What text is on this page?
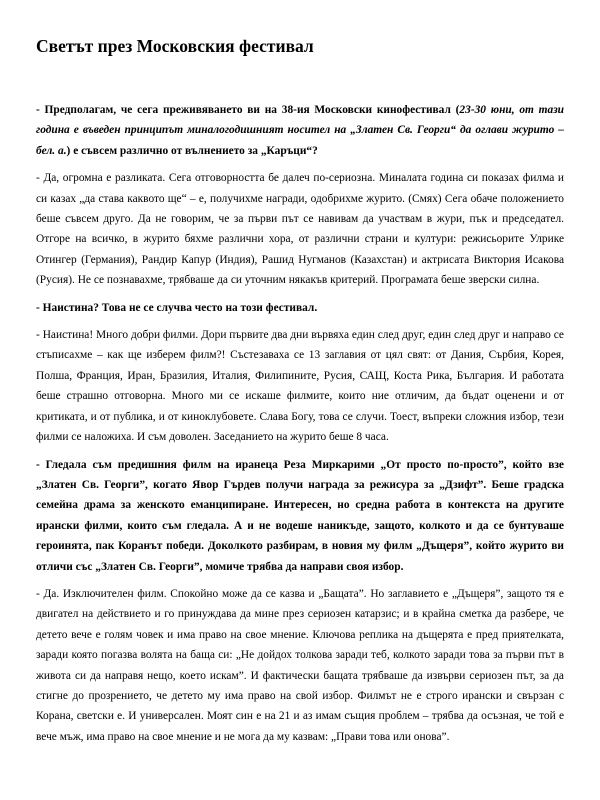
Светът през Московския фестивал

- Предполагам, че сега преживяването ви на 38-ия Московски кинофестивал (23-30 юни, от тази година е въведен принципът миналогодишният носител на „Златен Св. Георги“ да оглави журито – бел. а.) е съвсем различно от вълнението за „Каръци“?

- Да, огромна е разликата. Сега отговорността бе далеч по-сериозна. Миналата година си показах филма и си казах „да става каквото ще“ – е, получихме награди, одобрихме журито. (Смях) Сега обаче положението беше съвсем друго. Да не говорим, че за първи път се навивам да участвам в жури, пък и председател. Отгоре на всичко, в журито бяхме различни хора, от различни страни и култури: режисьорите Улрике Отингер (Германия), Рандир Капур (Индия), Рашид Нугманов (Казахстан) и актрисата Виктория Исакова (Русия). Не се познавахме, трябваше да си уточним някакъв критерий. Програмата беше зверски силна.

- Наистина? Това не се случва често на този фестивал.

- Наистина! Много добри филми. Дори първите два дни вървяха един след друг, един след друг и направо се стъписахме – как ще изберем филм?! Състезаваха се 13 заглавия от цял свят: от Дания, Сърбия, Корея, Полша, Франция, Иран, Бразилия, Италия, Филипините, Русия, САЩ, Коста Рика, България. И работата беше страшно отговорна. Много ми се искаше филмите, които ние отличим, да бъдат оценени и от критиката, и от публика, и от киноклубовете. Слава Богу, това се случи. Тоест, въпреки сложния избор, тези филми се наложиха. И съм доволен. Заседанието на журито беше 8 часа.

- Гледала съм предишния филм на иранеца Реза Миркарими „От просто по-просто”, който взе „Златен Св. Георги”, когато Явор Гърдев получи награда за режисура за „Дзифт”. Беше градска семейна драма за женското еманципиране. Интересен, но средна работа в контекста на другите ирански филми, които съм гледала. А и не водеше наникъде, защото, колкото и да се бунтуваше героинята, пак Коранът победи. Доколкото разбирам, в новия му филм „Дъщеря”, който журито ви отличи със „Златен Св. Георги”, момиче трябва да направи своя избор.

- Да. Изключителен филм. Спокойно може да се казва и „Бащата”. Но заглавието е „Дъщеря”, защото тя е двигател на действието и го принуждава да мине през сериозен катарзис; и в крайна сметка да разбере, че детето вече е голям човек и има право на свое мнение. Ключова реплика на дъщерята е пред приятелката, заради която погазва волята на баща си: „Не дойдох толкова заради теб, колкото заради това за първи път в живота си да направя нещо, което искам”. И фактически бащата трябваше да извърви сериозен път, за да стигне до прозрението, че детето му има право на свой избор. Филмът не е строго ирански и свързан с Корана, светски е. И универсален. Моят син е на 21 и аз имам същия проблем – трябва да осъзная, че той е вече мъж, има право на свое мнение и не мога да му казвам: „Прави това или онова”.
